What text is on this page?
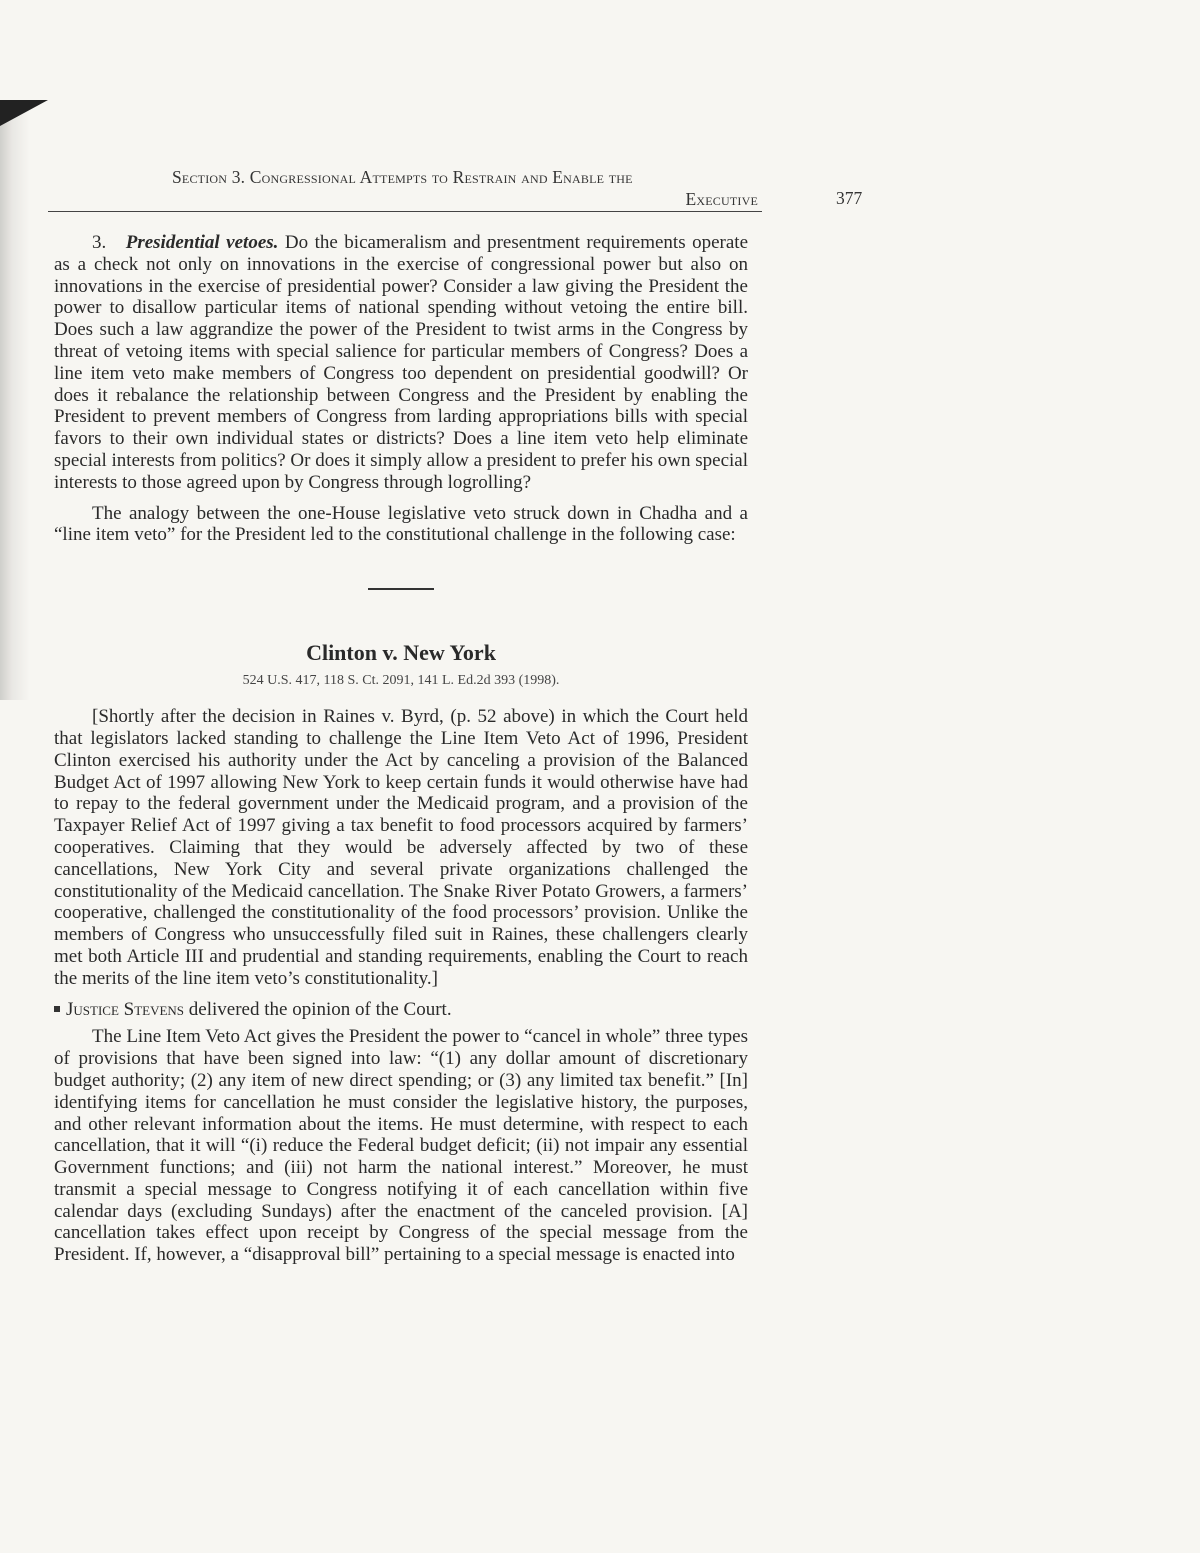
Section 3. Congressional Attempts to Restrain and Enable the
Executive	377

3. Presidential vetoes. Do the bicameralism and presentment requirements operate as a check not only on innovations in the exercise of congressional power but also on innovations in the exercise of presidential power? Consider a law giving the President the power to disallow particular items of national spending without vetoing the entire bill. Does such a law aggrandize the power of the President to twist arms in the Congress by threat of vetoing items with special salience for particular members of Congress? Does a line item veto make members of Congress too dependent on presidential goodwill? Or does it rebalance the relationship between Congress and the President by enabling the President to prevent members of Congress from larding appropriations bills with special favors to their own individual states or districts? Does a line item veto help eliminate special interests from politics? Or does it simply allow a president to prefer his own special interests to those agreed upon by Congress through logrolling?

The analogy between the one-House legislative veto struck down in Chadha and a “line item veto” for the President led to the constitutional challenge in the following case:

Clinton v. New York
524 U.S. 417, 118 S. Ct. 2091, 141 L. Ed.2d 393 (1998).

[Shortly after the decision in Raines v. Byrd, (p. 52 above) in which the Court held that legislators lacked standing to challenge the Line Item Veto Act of 1996, President Clinton exercised his authority under the Act by canceling a provision of the Balanced Budget Act of 1997 allowing New York to keep certain funds it would otherwise have had to repay to the federal government under the Medicaid program, and a provision of the Taxpayer Relief Act of 1997 giving a tax benefit to food processors acquired by farmers’ cooperatives. Claiming that they would be adversely affected by two of these cancellations, New York City and several private organizations challenged the constitutionality of the Medicaid cancellation. The Snake River Potato Growers, a farmers’ cooperative, challenged the constitutionality of the food processors’ provision. Unlike the members of Congress who unsuccessfully filed suit in Raines, these challengers clearly met both Article III and prudential and standing requirements, enabling the Court to reach the merits of the line item veto’s constitutionality.]

Justice Stevens delivered the opinion of the Court.

The Line Item Veto Act gives the President the power to “cancel in whole” three types of provisions that have been signed into law: “(1) any dollar amount of discretionary budget authority; (2) any item of new direct spending; or (3) any limited tax benefit.” [In] identifying items for cancellation he must consider the legislative history, the purposes, and other relevant information about the items. He must determine, with respect to each cancellation, that it will “(i) reduce the Federal budget deficit; (ii) not impair any essential Government functions; and (iii) not harm the national interest.” Moreover, he must transmit a special message to Congress notifying it of each cancellation within five calendar days (excluding Sundays) after the enactment of the canceled provision. [A] cancellation takes effect upon receipt by Congress of the special message from the President. If, however, a “disapproval bill” pertaining to a special message is enacted into
